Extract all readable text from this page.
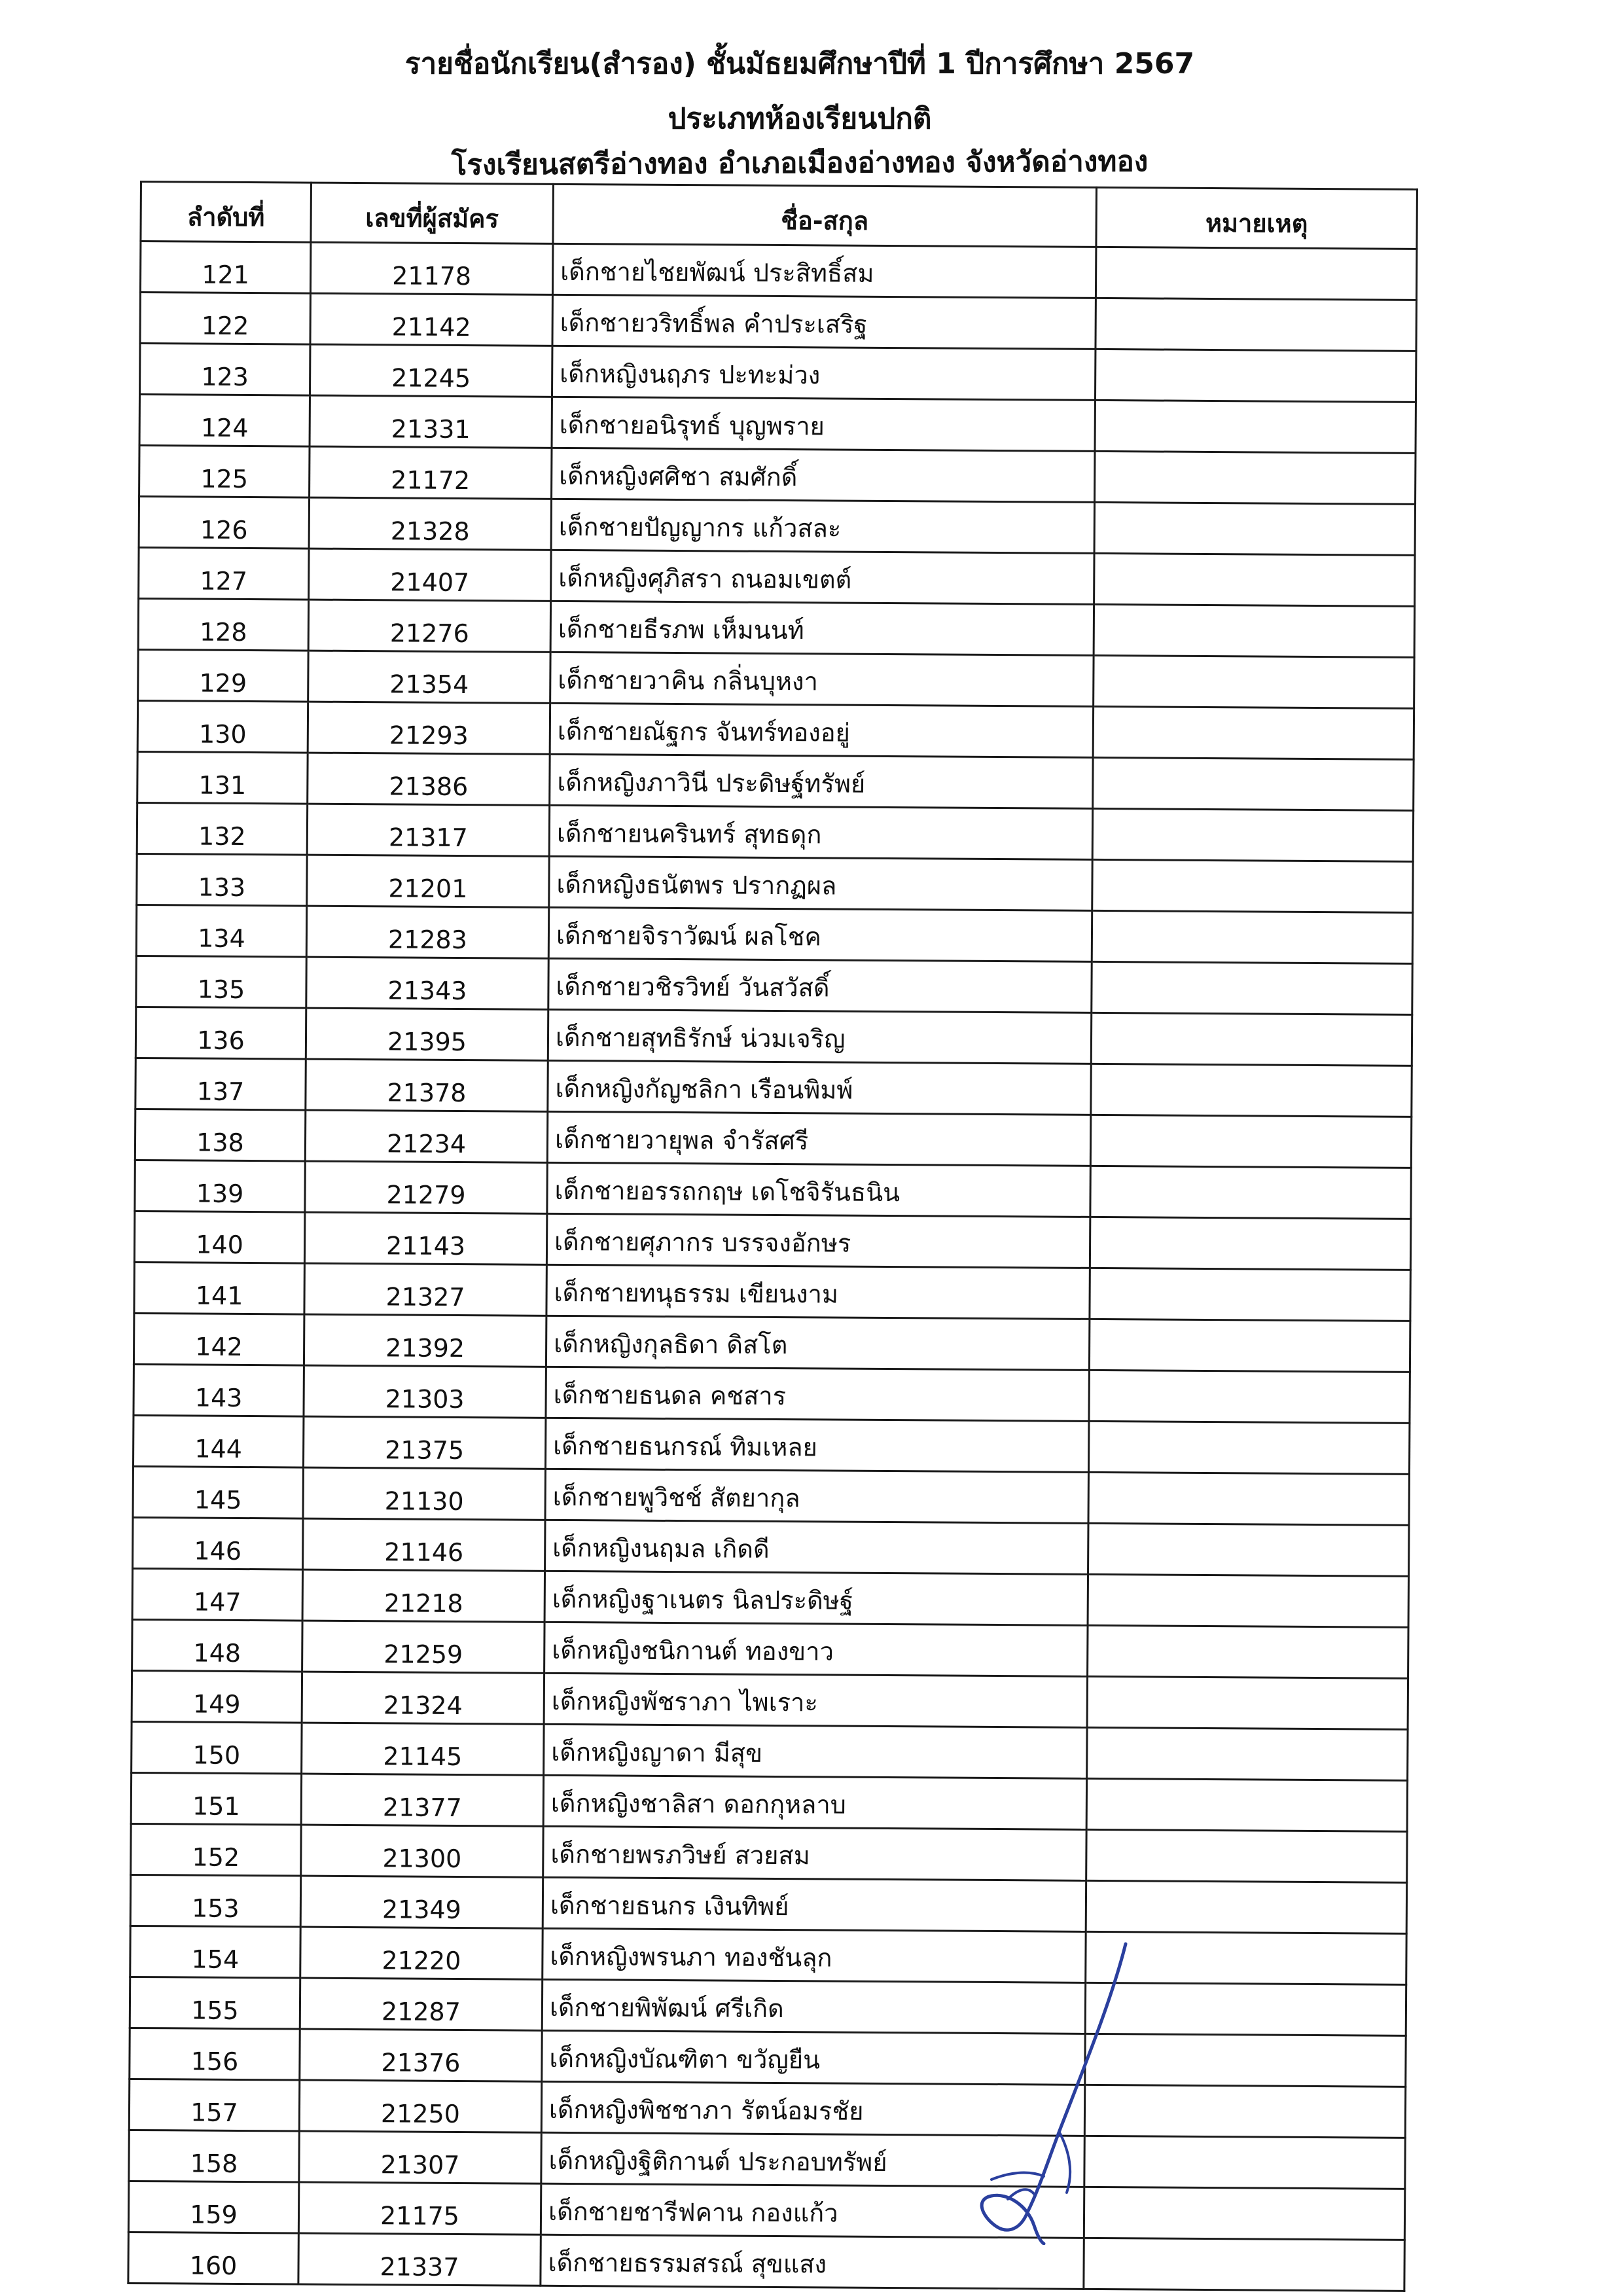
รายชื่อนักเรียน(สำรอง) ชั้นมัธยมศึกษาปีที่ 1 ปีการศึกษา 2567
ประเภทห้องเรียนปกติ
โรงเรียนสตรีอ่างทอง อำเภอเมืองอ่างทอง จังหวัดอ่างทอง
ลำดับที่	เลขที่ผู้สมัคร	ชื่อ-สกุล	หมายเหตุ
121	21178	เด็กชายไชยพัฒน์ ประสิทธิ์สม	
122	21142	เด็กชายวริทธิ์พล คำประเสริฐ	
123	21245	เด็กหญิงนฤภร ปะทะม่วง	
124	21331	เด็กชายอนิรุทธ์ บุญพราย	
125	21172	เด็กหญิงศศิชา สมศักดิ์	
126	21328	เด็กชายปัญญากร แก้วสละ	
127	21407	เด็กหญิงศุภิสรา ถนอมเขตต์	
128	21276	เด็กชายธีรภพ เห็มนนท์	
129	21354	เด็กชายวาคิน กลิ่นบุหงา	
130	21293	เด็กชายณัฐกร จันทร์ทองอยู่	
131	21386	เด็กหญิงภาวินี ประดิษฐ์ทรัพย์	
132	21317	เด็กชายนครินทร์ สุทธดุก	
133	21201	เด็กหญิงธนัตพร ปรากฏผล	
134	21283	เด็กชายจิราวัฒน์ ผลโชค	
135	21343	เด็กชายวชิรวิทย์ วันสวัสดิ์	
136	21395	เด็กชายสุทธิรักษ์ น่วมเจริญ	
137	21378	เด็กหญิงกัญชลิกา เรือนพิมพ์	
138	21234	เด็กชายวายุพล จำรัสศรี	
139	21279	เด็กชายอรรถกฤษ เดโชจิรันธนิน	
140	21143	เด็กชายศุภากร บรรจงอักษร	
141	21327	เด็กชายทนุธรรม เขียนงาม	
142	21392	เด็กหญิงกุลธิดา ดิสโต	
143	21303	เด็กชายธนดล คชสาร	
144	21375	เด็กชายธนกรณ์ ทิมเหลย	
145	21130	เด็กชายพูวิชช์ สัตยากุล	
146	21146	เด็กหญิงนฤมล เกิดดี	
147	21218	เด็กหญิงฐาเนตร นิลประดิษฐ์	
148	21259	เด็กหญิงชนิกานต์ ทองขาว	
149	21324	เด็กหญิงพัชราภา ไพเราะ	
150	21145	เด็กหญิงญาดา มีสุข	
151	21377	เด็กหญิงชาลิสา ดอกกุหลาบ	
152	21300	เด็กชายพรภวิษย์ สวยสม	
153	21349	เด็กชายธนกร เงินทิพย์	
154	21220	เด็กหญิงพรนภา ทองชันลุก	
155	21287	เด็กชายพิพัฒน์ ศรีเกิด	
156	21376	เด็กหญิงบัณฑิตา ขวัญยืน	
157	21250	เด็กหญิงพิชชาภา รัตน์อมรชัย	
158	21307	เด็กหญิงฐิติกานต์ ประกอบทรัพย์	
159	21175	เด็กชายชารีฟคาน กองแก้ว	
160	21337	เด็กชายธรรมสรณ์ สุขแสง	
